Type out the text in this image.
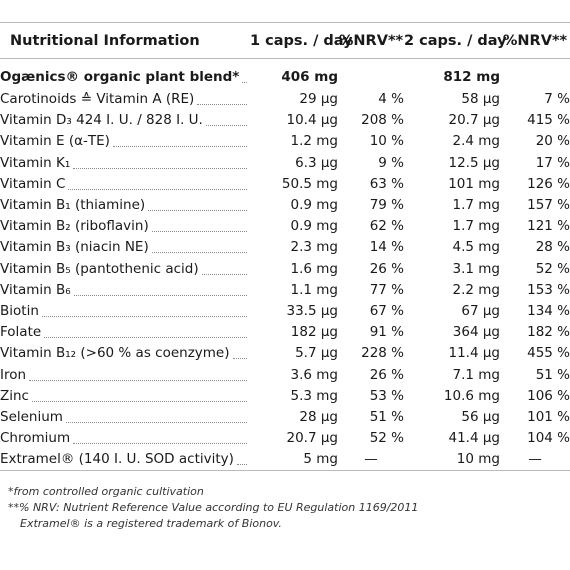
Nutritional Information	1 caps. / day	%NRV**	2 caps. / day	%NRV**

Ogænics® organic plant blend*	406 mg		812 mg	

Carotinoids ≙ Vitamin A (RE)	29 µg	4 %	58 µg	7 %

Vitamin D₃ 424 I. U. / 828 I. U.	10.4 µg	208 %	20.7 µg	415 %

Vitamin E (α-TE)	1.2 mg	10 %	2.4 mg	20 %

Vitamin K₁	6.3 µg	9 %	12.5 µg	17 %

Vitamin C	50.5 mg	63 %	101 mg	126 %

Vitamin B₁ (thiamine)	0.9 mg	79 %	1.7 mg	157 %

Vitamin B₂ (riboflavin)	0.9 mg	62 %	1.7 mg	121 %

Vitamin B₃ (niacin NE)	2.3 mg	14 %	4.5 mg	28 %

Vitamin B₅ (pantothenic acid)	1.6 mg	26 %	3.1 mg	52 %

Vitamin B₆	1.1 mg	77 %	2.2 mg	153 %

Biotin	33.5 µg	67 %	67 µg	134 %

Folate	182 µg	91 %	364 µg	182 %

Vitamin B₁₂ (>60 % as coenzyme)	5.7 µg	228 %	11.4 µg	455 %

Iron	3.6 mg	26 %	7.1 mg	51 %

Zinc	5.3 mg	53 %	10.6 mg	106 %

Selenium	28 µg	51 %	56 µg	101 %

Chromium	20.7 µg	52 %	41.4 µg	104 %

Extramel® (140 I. U. SOD activity)	5 mg	—	10 mg	—
* from controlled organic cultivation
** % NRV: Nutrient Reference Value according to EU Regulation 1169/2011
Extramel® is a registered trademark of Bionov.
